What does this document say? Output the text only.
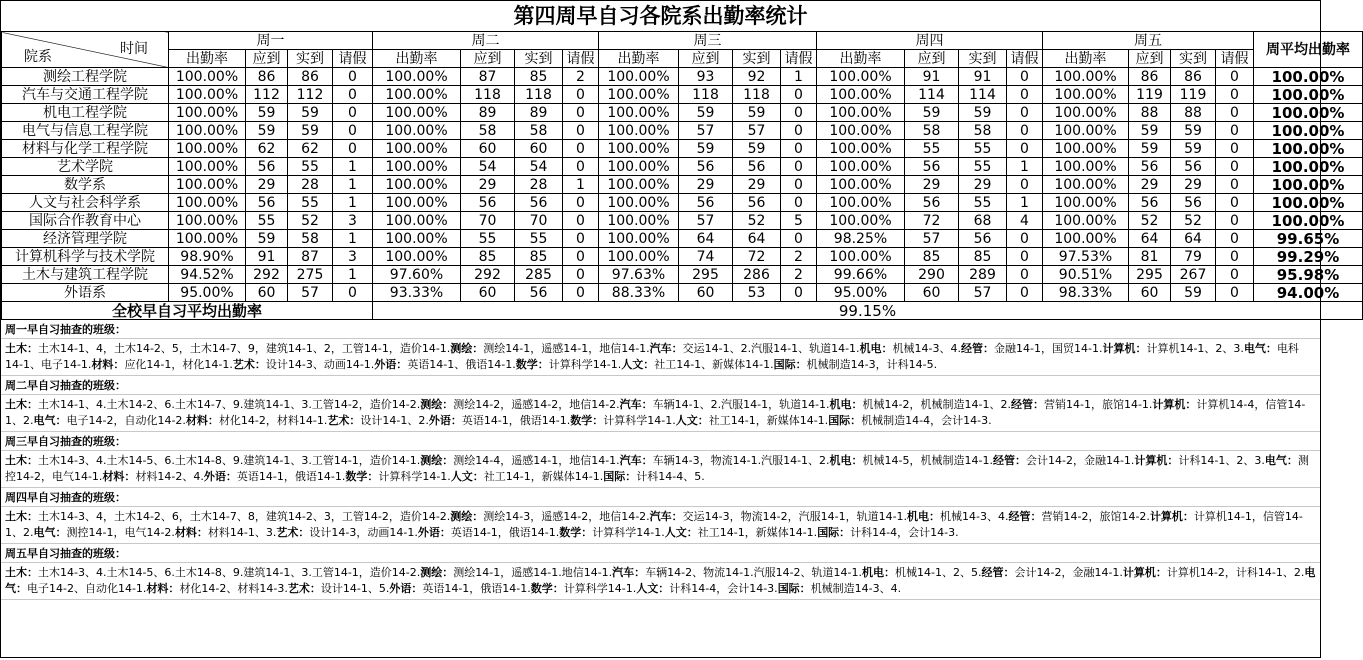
第四周早自习各院系出勤率统计
院系 时间	周一				周二				周三				周四				周五				周平均出勤率
	出勤率	应到	实到	请假	出勤率	应到	实到	请假	出勤率	应到	实到	请假	出勤率	应到	实到	请假	出勤率	应到	实到	请假	
测绘工程学院	100.00%	86	86	0	100.00%	87	85	2	100.00%	93	92	1	100.00%	91	91	0	100.00%	86	86	0	100.00%
汽车与交通工程学院	100.00%	112	112	0	100.00%	118	118	0	100.00%	118	118	0	100.00%	114	114	0	100.00%	119	119	0	100.00%
机电工程学院	100.00%	59	59	0	100.00%	89	89	0	100.00%	59	59	0	100.00%	59	59	0	100.00%	88	88	0	100.00%
电气与信息工程学院	100.00%	59	59	0	100.00%	58	58	0	100.00%	57	57	0	100.00%	58	58	0	100.00%	59	59	0	100.00%
材料与化学工程学院	100.00%	62	62	0	100.00%	60	60	0	100.00%	59	59	0	100.00%	55	55	0	100.00%	59	59	0	100.00%
艺术学院	100.00%	56	55	1	100.00%	54	54	0	100.00%	56	56	0	100.00%	56	55	1	100.00%	56	56	0	100.00%
数学系	100.00%	29	28	1	100.00%	29	28	1	100.00%	29	29	0	100.00%	29	29	0	100.00%	29	29	0	100.00%
人文与社会科学系	100.00%	56	55	1	100.00%	56	56	0	100.00%	56	56	0	100.00%	56	55	1	100.00%	56	56	0	100.00%
国际合作教育中心	100.00%	55	52	3	100.00%	70	70	0	100.00%	57	52	5	100.00%	72	68	4	100.00%	52	52	0	100.00%
经济管理学院	100.00%	59	58	1	100.00%	55	55	0	100.00%	64	64	0	98.25%	57	56	0	100.00%	64	64	0	99.65%
计算机科学与技术学院	98.90%	91	87	3	100.00%	85	85	0	100.00%	74	72	2	100.00%	85	85	0	97.53%	81	79	0	99.29%
土木与建筑工程学院	94.52%	292	275	1	97.60%	292	285	0	97.63%	295	286	2	99.66%	290	289	0	90.51%	295	267	0	95.98%
外语系	95.00%	60	57	0	93.33%	60	56	0	88.33%	60	53	0	95.00%	60	57	0	98.33%	60	59	0	94.00%
全校早自习平均出勤率					99.15%																
周一早自习抽查的班级：
土木：土木14-1、4，土木14-2、5，土木14-7、9，建筑14-1、2，工管14-1，造价14-1.测绘：测绘14-1，遥感14-1，地信14-1.汽车：交运14-1、2.汽服14-1、轨道14-1.机电：机械14-3、4.经管：金融14-1，国贸14-1.计算机：计算机14-1、2、3.电气：电科14-1、电子14-1.材料：应化14-1，材化14-1.艺术：设计14-3、动画14-1.外语：英语14-1、俄语14-1.数学：计算科学14-1.人文：社工14-1、新媒体14-1.国际：机械制造14-3，计科14-5.
周二早自习抽查的班级：
土木：土木14-1、4.土木14-2、6.土木14-7、9.建筑14-1、3.工管14-2，造价14-2.测绘：测绘14-2，遥感14-2，地信14-2.汽车：车辆14-1、2.汽服14-1，轨道14-1.机电：机械14-2，机械制造14-1、2.经管：营销14-1，旅馆14-1.计算机：计算机14-4，信管14-1、2.电气：电子14-2，自动化14-2.材料：材化14-2，材料14-1.艺术：设计14-1、2.外语：英语14-1，俄语14-1.数学：计算科学14-1.人文：社工14-1，新媒体14-1.国际：机械制造14-4，会计14-3.
周三早自习抽查的班级：
土木：土木14-3、4.土木14-5、6.土木14-8、9.建筑14-1、3.工管14-1，造价14-1.测绘：测绘14-4，遥感14-1，地信14-1.汽车：车辆14-3，物流14-1.汽服14-1、2.机电：机械14-5，机械制造14-1.经管：会计14-2，金融14-1.计算机：计科14-1、2、3.电气：测控14-2，电气14-1.材料：材料14-2、4.外语：英语14-1，俄语14-1.数学：计算科学14-1.人文：社工14-1，新媒体14-1.国际：计科14-4、5.
周四早自习抽查的班级：
土木：土木14-3、4，土木14-2、6，土木14-7、8，建筑14-2、3，工管14-2，造价14-2.测绘：测绘14-3，遥感14-2，地信14-2.汽车：交运14-3，物流14-2，汽服14-1，轨道14-1.机电：机械14-3、4.经管：营销14-2，旅馆14-2.计算机：计算机14-1，信管14-1、2.电气：测控14-1，电气14-2.材料：材料14-1、3.艺术：设计14-3，动画14-1.外语：英语14-1，俄语14-1.数学：计算科学14-1.人文：社工14-1，新媒体14-1.国际：计科14-4，会计14-3.
周五早自习抽查的班级：
土木：土木14-3、4.土木14-5、6.土木14-8、9.建筑14-1、3.工管14-1，造价14-2.测绘：测绘14-1，遥感14-1.地信14-1.汽车：车辆14-2、物流14-1.汽服14-2、轨道14-1.机电：机械14-1、2、5.经管：会计14-2，金融14-1.计算机：计算机14-2，计科14-1、2.电气：电子14-2、自动化14-1.材料：材化14-2、材料14-3.艺术：设计14-1、5.外语：英语14-1，俄语14-1.数学：计算科学14-1.人文：计科14-4，会计14-3.国际：机械制造14-3、4.
